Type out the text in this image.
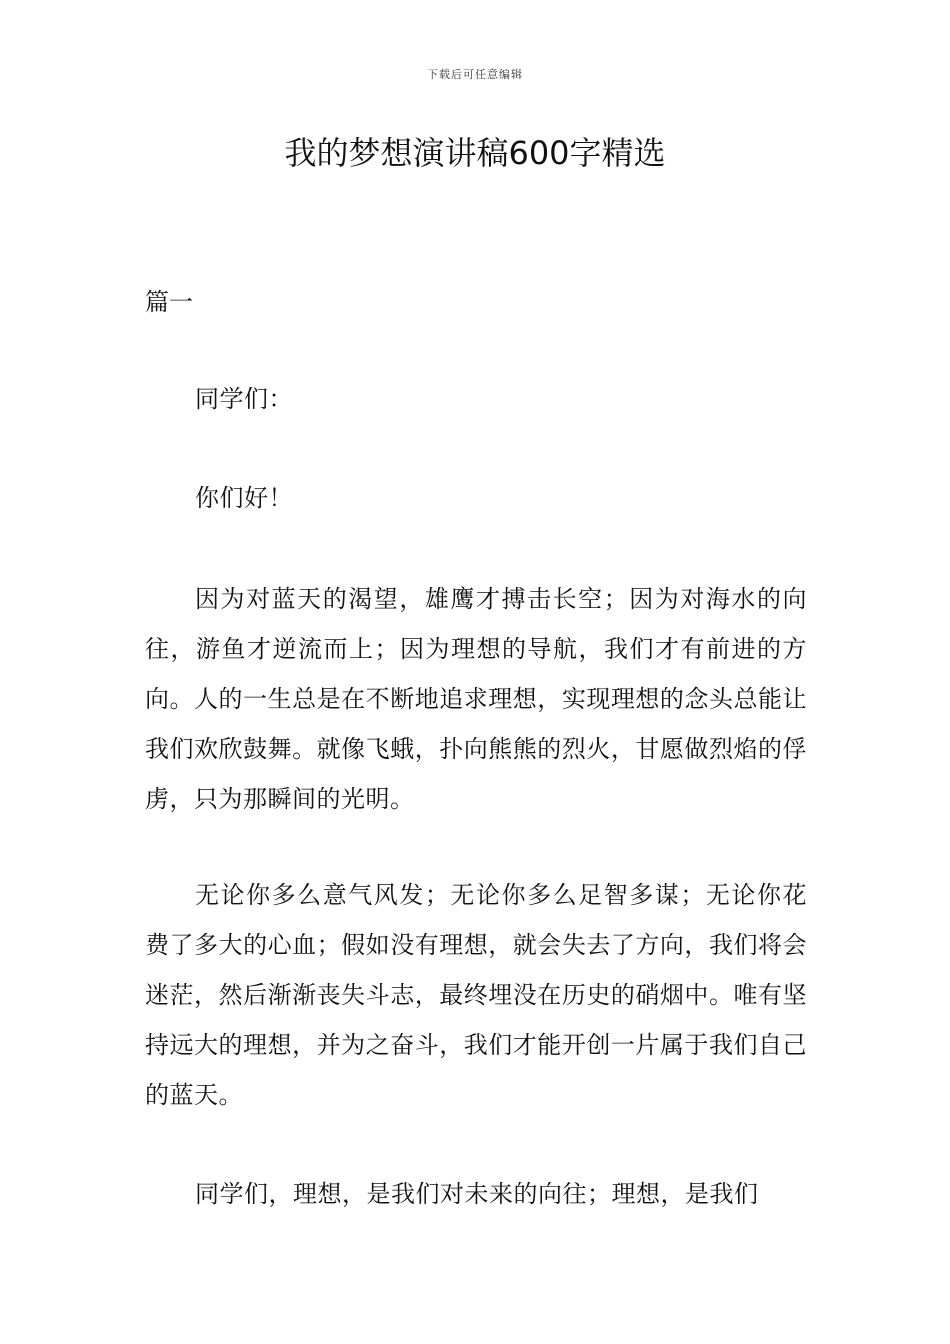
下载后可任意编辑
我的梦想演讲稿600字精选

篇一

同学们：

你们好！

因为对蓝天的渴望，雄鹰才搏击长空；因为对海水的向往，游鱼才逆流而上；因为理想的导航，我们才有前进的方向。人的一生总是在不断地追求理想，实现理想的念头总能让我们欢欣鼓舞。就像飞蛾，扑向熊熊的烈火，甘愿做烈焰的俘虏，只为那瞬间的光明。

无论你多么意气风发；无论你多么足智多谋；无论你花费了多大的心血；假如没有理想，就会失去了方向，我们将会迷茫，然后渐渐丧失斗志，最终埋没在历史的硝烟中。唯有坚持远大的理想，并为之奋斗，我们才能开创一片属于我们自己的蓝天。

同学们，理想，是我们对未来的向往；理想，是我们
